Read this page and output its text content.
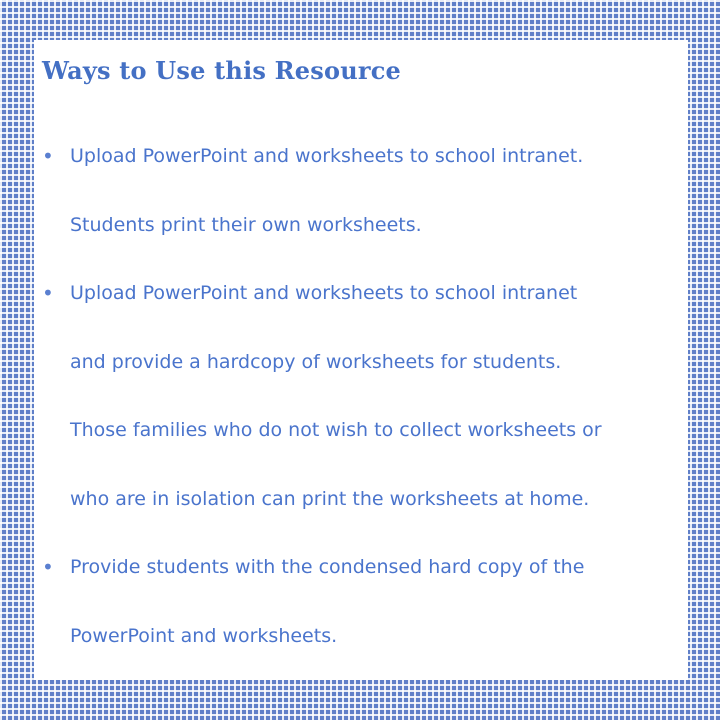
Ways to Use this Resource
• Upload PowerPoint and worksheets to school intranet.
Students print their own worksheets.
• Upload PowerPoint and worksheets to school intranet
and provide a hardcopy of worksheets for students.
Those families who do not wish to collect worksheets or
who are in isolation can print the worksheets at home.
• Provide students with the condensed hard copy of the
PowerPoint and worksheets.
